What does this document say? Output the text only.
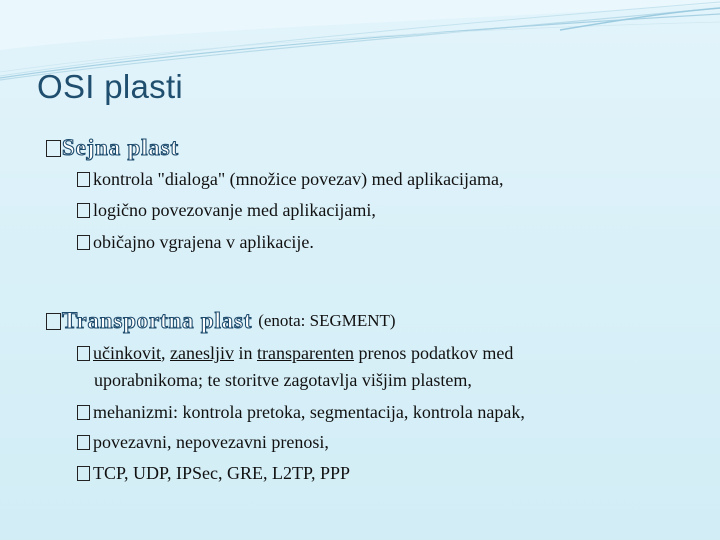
OSI plasti
Sejna plast
kontrola "dialoga" (množice povezav) med aplikacijama,
logično povezovanje med aplikacijami,
običajno vgrajena v aplikacije.
Transportna plast (enota: SEGMENT)
učinkovit, zanesljiv in transparenten prenos podatkov med
uporabnikoma; te storitve zagotavlja višjim plastem,
mehanizmi: kontrola pretoka, segmentacija, kontrola napak,
povezavni, nepovezavni prenosi,
TCP, UDP, IPSec, GRE, L2TP, PPP
